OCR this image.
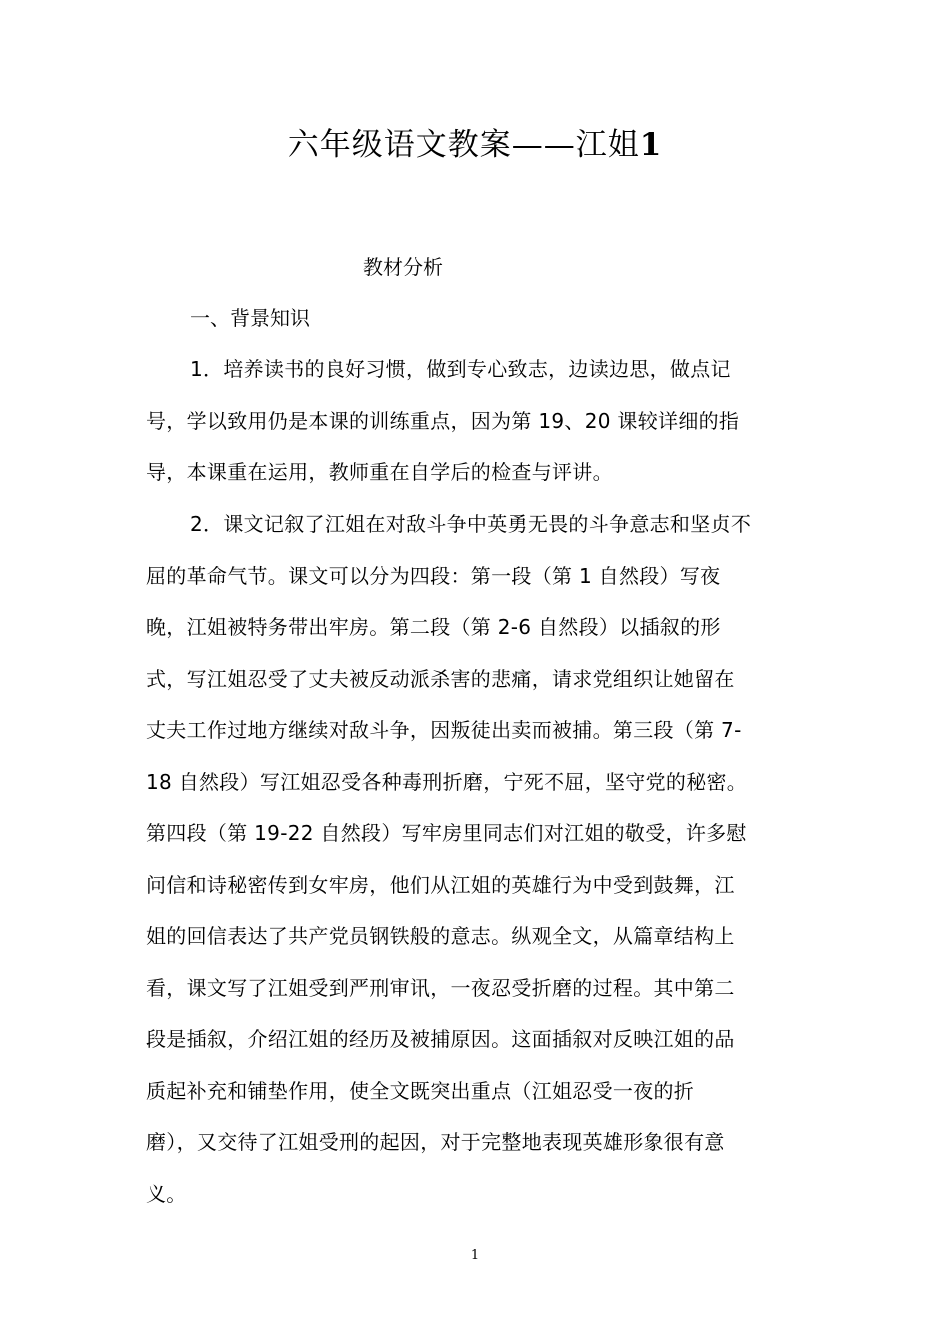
六年级语文教案——江姐1
教材分析
一、背景知识
1．培养读书的良好习惯，做到专心致志，边读边思，做点记
号，学以致用仍是本课的训练重点，因为第 19、20 课较详细的指
导，本课重在运用，教师重在自学后的检查与评讲。
2．课文记叙了江姐在对敌斗争中英勇无畏的斗争意志和坚贞不
屈的革命气节。课文可以分为四段：第一段（第 1 自然段）写夜
晚，江姐被特务带出牢房。第二段（第 2-6 自然段）以插叙的形
式，写江姐忍受了丈夫被反动派杀害的悲痛，请求党组织让她留在
丈夫工作过地方继续对敌斗争，因叛徒出卖而被捕。第三段（第 7-
18 自然段）写江姐忍受各种毒刑折磨，宁死不屈，坚守党的秘密。
第四段（第 19-22 自然段）写牢房里同志们对江姐的敬受，许多慰
问信和诗秘密传到女牢房，他们从江姐的英雄行为中受到鼓舞，江
姐的回信表达了共产党员钢铁般的意志。纵观全文，从篇章结构上
看，课文写了江姐受到严刑审讯，一夜忍受折磨的过程。其中第二
段是插叙，介绍江姐的经历及被捕原因。这面插叙对反映江姐的品
质起补充和铺垫作用，使全文既突出重点（江姐忍受一夜的折
磨），又交待了江姐受刑的起因，对于完整地表现英雄形象很有意
义。
1
